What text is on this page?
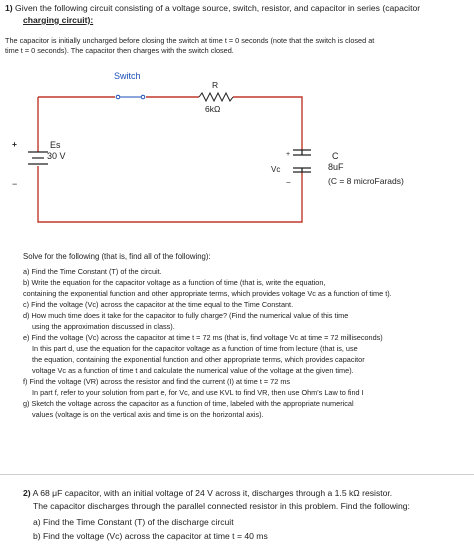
1) Given the following circuit consisting of a voltage source, switch, resistor, and capacitor in series (capacitor
charging circuit):
The capacitor is initially uncharged before closing the switch at time t = 0 seconds (note that the switch is closed at
time t = 0 seconds). The capacitor then charges with the switch closed.
Switch
R
6kΩ
+	Es
30 V
−
+
Vc
−
C
8uF
(C = 8 microFarads)
Solve for the following (that is, find all of the following):
a) Find the Time Constant (T) of the circuit.
b) Write the equation for the capacitor voltage as a function of time (that is, write the equation,
containing the exponential function and other appropriate terms, which provides voltage Vc as a function of time t).
c) Find the voltage (Vc) across the capacitor at the time equal to the Time Constant.
d) How much time does it take for the capacitor to fully charge? (Find the numerical value of this time
using the approximation discussed in class).
e) Find the voltage (Vc) across the capacitor at time t = 72 ms (that is, find voltage Vc at time = 72 milliseconds)
In this part d, use the equation for the capacitor voltage as a function of time from lecture (that is, use
the equation, containing the exponential function and other appropriate terms, which provides capacitor
voltage Vc as a function of time t and calculate the numerical value of the voltage at the given time).
f) Find the voltage (VR) across the resistor and find the current (I) at time t = 72 ms
In part f, refer to your solution from part e, for Vc, and use KVL to find VR, then use Ohm's Law to find I
g) Sketch the voltage across the capacitor as a function of time, labeled with the appropriate numerical
values (voltage is on the vertical axis and time is on the horizontal axis).
2) A 68 μF capacitor, with an initial voltage of 24 V across it, discharges through a 1.5 kΩ resistor.
The capacitor discharges through the parallel connected resistor in this problem. Find the following:
a) Find the Time Constant (T) of the discharge circuit
b) Find the voltage (Vc) across the capacitor at time t = 40 ms
